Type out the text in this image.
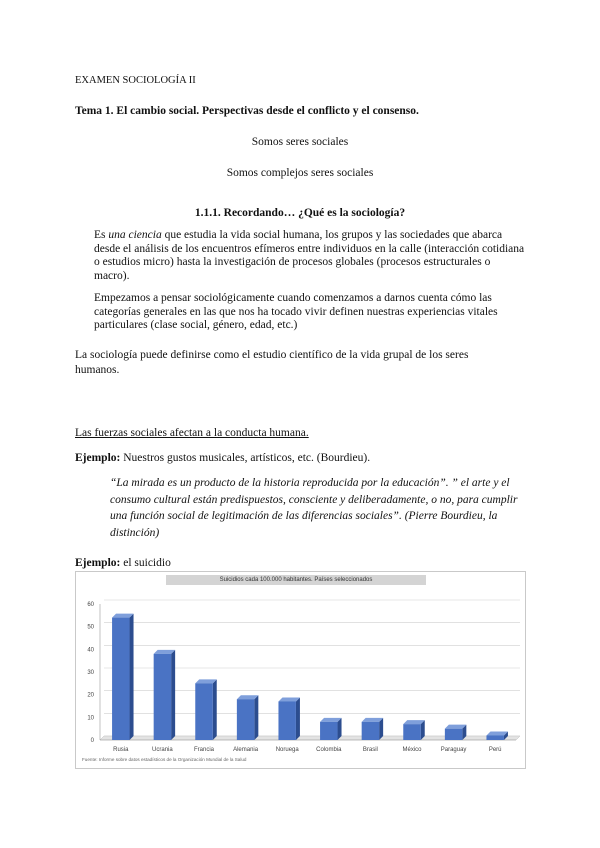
EXAMEN SOCIOLOGÍA II
Tema 1. El cambio social. Perspectivas desde el conflicto y el consenso.
Somos seres sociales
Somos complejos seres sociales
1.1.1. Recordando… ¿Qué es la sociología?
Es una ciencia que estudia la vida social humana, los grupos y las sociedades que abarca desde el análisis de los encuentros efímeros entre individuos en la calle (interacción cotidiana o estudios micro) hasta la investigación de procesos globales (procesos estructurales o macro).
Empezamos a pensar sociológicamente cuando comenzamos a darnos cuenta cómo las categorías generales en las que nos ha tocado vivir definen nuestras experiencias vitales particulares (clase social, género, edad, etc.)
La sociología puede definirse como el estudio científico de la vida grupal de los seres humanos.
Las fuerzas sociales afectan a la conducta humana.
Ejemplo: Nuestros gustos musicales, artísticos, etc. (Bourdieu).
“La mirada es un producto de la historia reproducida por la educación”. ” el arte y el consumo cultural están predispuestos, consciente y deliberadamente, o no, para cumplir una función social de legitimación de las diferencias sociales”. (Pierre Bourdieu, la distinción)
Ejemplo: el suicidio
Suicidios cada 100.000 habitantes. Países seleccionados
60
50
40
30
20
10
0
Rusia	Ucrania	Francia	Alemania	Noruega	Colombia	Brasil	México	Paraguay	Perú
Fuente: Informe sobre datos estadísticos de la Organización Mundial de la Salud
